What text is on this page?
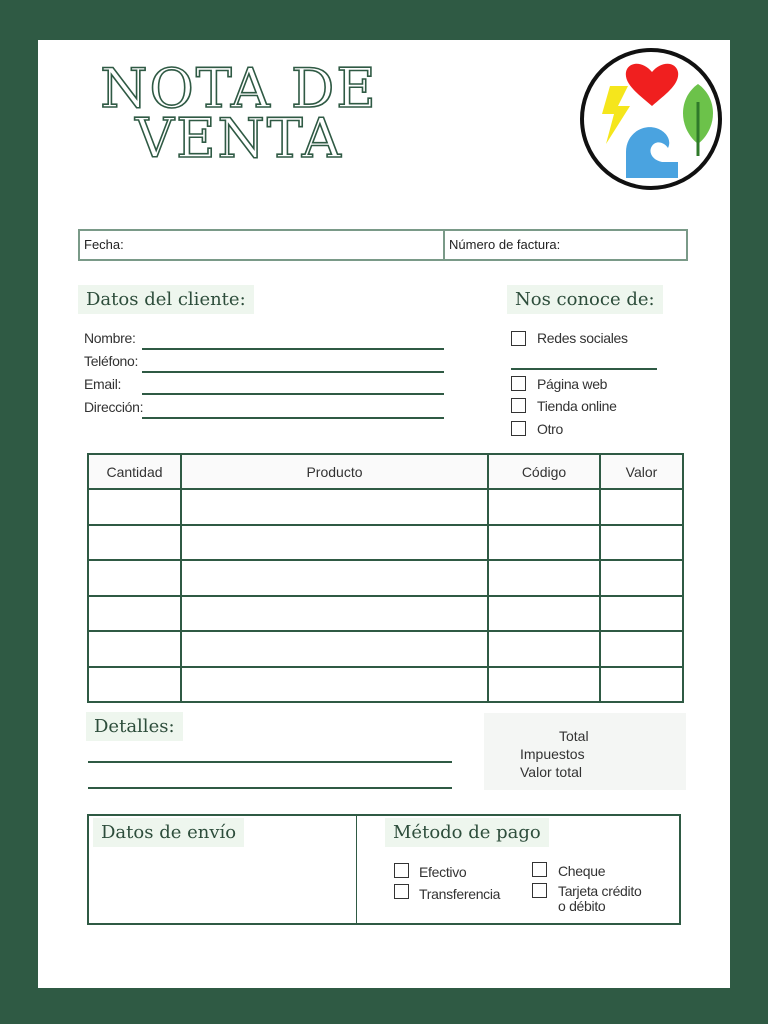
NOTA DE
VENTA
Fecha:	Número de factura:
Datos del cliente:
Nombre:
Teléfono:
Email:
Dirección:
Nos conoce de:
Redes sociales
Página web
Tienda online
Otro
Cantidad	Producto	Código	Valor

Detalles:	Total
Impuestos
Valor total
Datos de envío	Método de pago
Efectivo
Transferencia
Cheque
Tarjeta crédito
o débito
